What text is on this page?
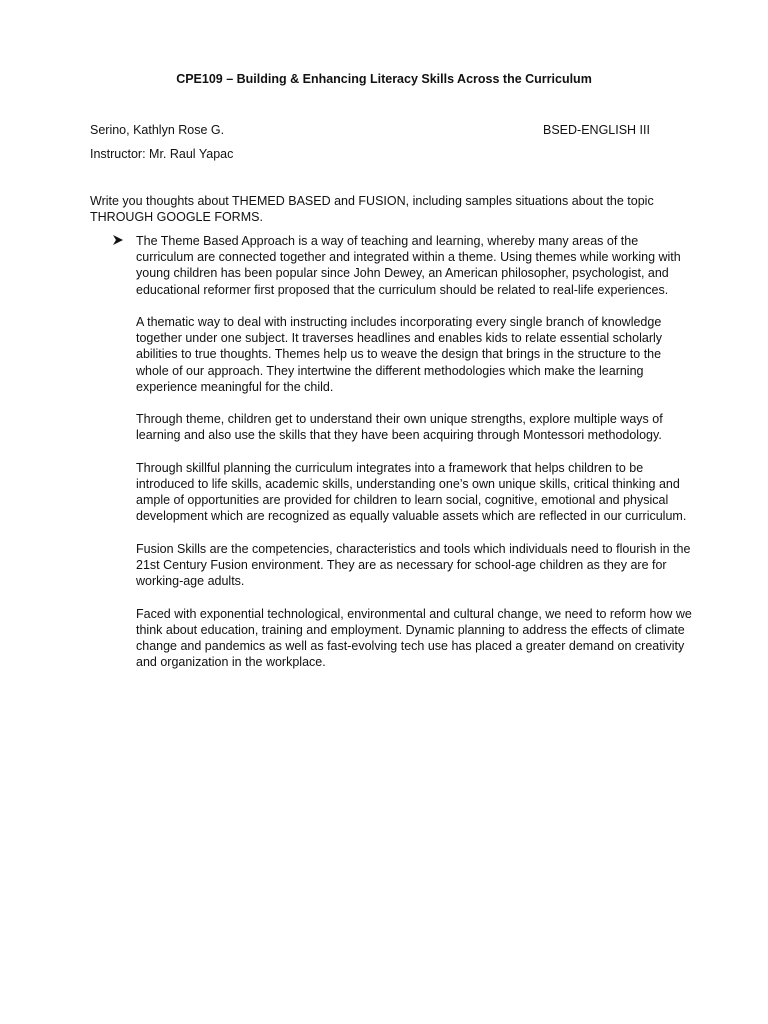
CPE109 – Building & Enhancing Literacy Skills Across the Curriculum
Serino, Kathlyn Rose G.	BSED-ENGLISH III
Instructor: Mr. Raul Yapac
Write you thoughts about THEMED BASED and FUSION, including samples situations about the topic THROUGH GOOGLE FORMS.

The Theme Based Approach is a way of teaching and learning, whereby many areas of the curriculum are connected together and integrated within a theme. Using themes while working with young children has been popular since John Dewey, an American philosopher, psychologist, and educational reformer first proposed that the curriculum should be related to real-life experiences.

A thematic way to deal with instructing includes incorporating every single branch of knowledge together under one subject. It traverses headlines and enables kids to relate essential scholarly abilities to true thoughts. Themes help us to weave the design that brings in the structure to the whole of our approach. They intertwine the different methodologies which make the learning experience meaningful for the child.

Through theme, children get to understand their own unique strengths, explore multiple ways of learning and also use the skills that they have been acquiring through Montessori methodology.

Through skillful planning the curriculum integrates into a framework that helps children to be introduced to life skills, academic skills, understanding one’s own unique skills, critical thinking and ample of opportunities are provided for children to learn social, cognitive, emotional and physical development which are recognized as equally valuable assets which are reflected in our curriculum.

Fusion Skills are the competencies, characteristics and tools which individuals need to flourish in the 21st Century Fusion environment. They are as necessary for school-age children as they are for working-age adults.

Faced with exponential technological, environmental and cultural change, we need to reform how we think about education, training and employment. Dynamic planning to address the effects of climate change and pandemics as well as fast-evolving tech use has placed a greater demand on creativity and organization in the workplace.
